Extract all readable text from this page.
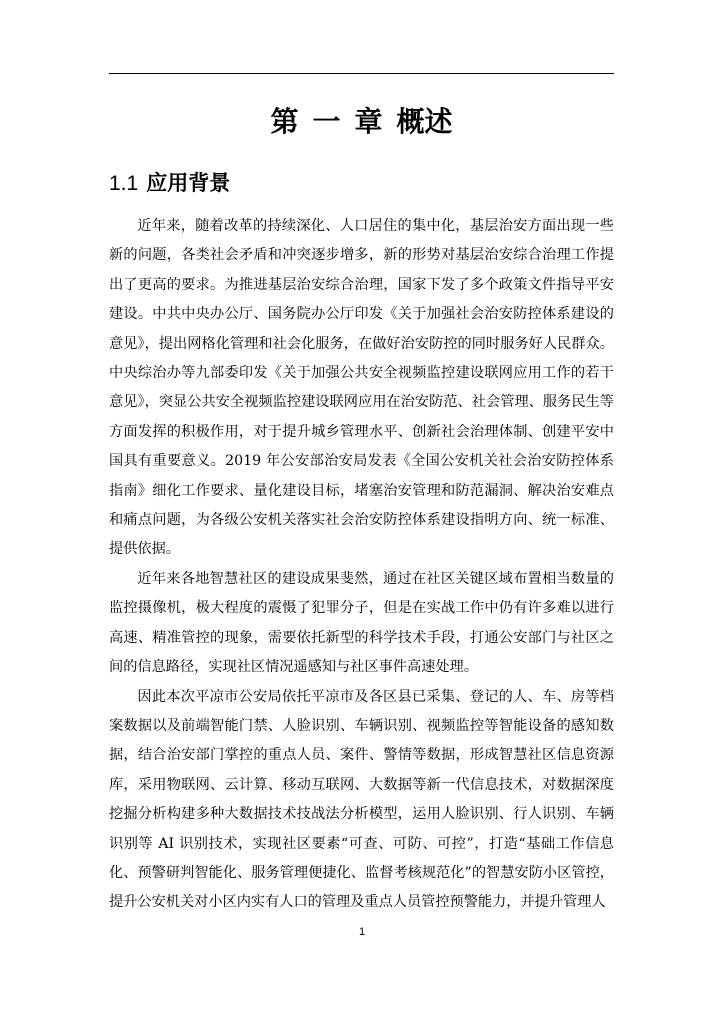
第 一 章 概述
1.1 应用背景

近年来，随着改革的持续深化、人口居住的集中化，基层治安方面出现一些新的问题，各类社会矛盾和冲突逐步增多，新的形势对基层治安综合治理工作提出了更高的要求。为推进基层治安综合治理，国家下发了多个政策文件指导平安建设。中共中央办公厅、国务院办公厅印发《关于加强社会治安防控体系建设的意见》，提出网格化管理和社会化服务，在做好治安防控的同时服务好人民群众。中央综治办等九部委印发《关于加强公共安全视频监控建设联网应用工作的若干意见》，突显公共安全视频监控建设联网应用在治安防范、社会管理、服务民生等方面发挥的积极作用，对于提升城乡管理水平、创新社会治理体制、创建平安中国具有重要意义。2019 年公安部治安局发表《全国公安机关社会治安防控体系指南》细化工作要求、量化建设目标，堵塞治安管理和防范漏洞、解决治安难点和痛点问题，为各级公安机关落实社会治安防控体系建设指明方向、统一标准、提供依据。

近年来各地智慧社区的建设成果斐然，通过在社区关键区域布置相当数量的监控摄像机，极大程度的震慑了犯罪分子，但是在实战工作中仍有许多难以进行高速、精准管控的现象，需要依托新型的科学技术手段，打通公安部门与社区之间的信息路径，实现社区情况遥感知与社区事件高速处理。

因此本次平凉市公安局依托平凉市及各区县已采集、登记的人、车、房等档案数据以及前端智能门禁、人脸识别、车辆识别、视频监控等智能设备的感知数据，结合治安部门掌控的重点人员、案件、警情等数据，形成智慧社区信息资源库，采用物联网、云计算、移动互联网、大数据等新一代信息技术，对数据深度挖掘分析构建多种大数据技术技战法分析模型，运用人脸识别、行人识别、车辆识别等 AI 识别技术，实现社区要素“可查、可防、可控”，打造“基础工作信息化、预警研判智能化、服务管理便捷化、监督考核规范化”的智慧安防小区管控，提升公安机关对小区内实有人口的管理及重点人员管控预警能力，并提升管理人

1
